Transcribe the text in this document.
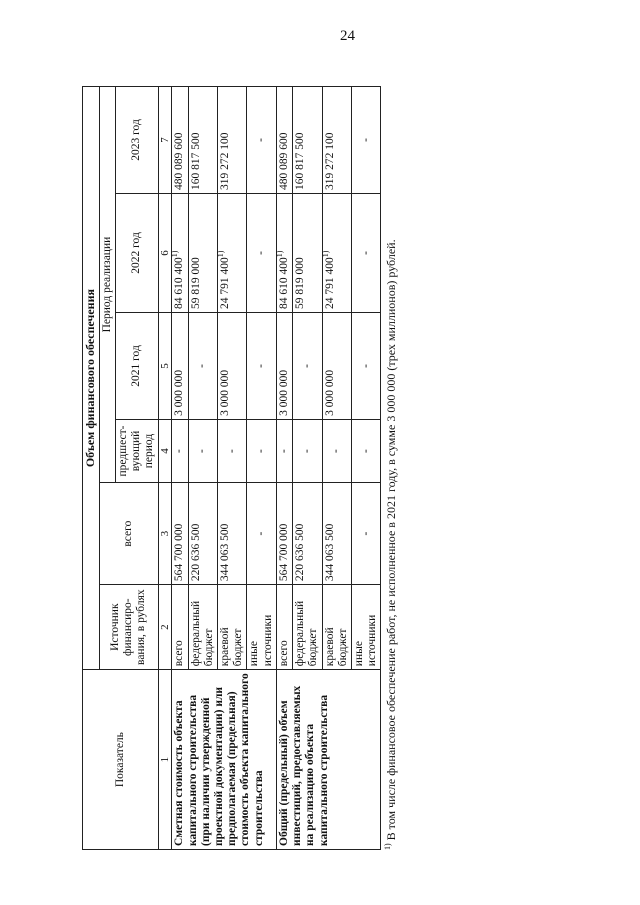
24
Показатель	Объем финансового обеспечения					
	Источник финансиро-вания, в рублях	всего	Период реализации			
			предшест-вующий период	2021 год	2022 год	2023 год
1	2	3	4	5	6	7
Сметная стоимость объекта капитального строительства (при наличии утвержденной проектной документации) или предполагаемая (предельная) стоимость объекта капитального строительства	всего	564 700 000	-	3 000 000	84 610 400$^{1)}$	480 089 600
	федеральный бюджет	220 636 500	-	-	59 819 000	160 817 500
	краевой бюджет	344 063 500	-	3 000 000	24 791 400$^{1)}$	319 272 100
	иные источники	-	-	-	-	-
Общий (предельный) объем инвестиций, предоставляемых на реализацию объекта капитального строительства	всего	564 700 000	-	3 000 000	84 610 400$^{1)}$	480 089 600
	федеральный бюджет	220 636 500	-	-	59 819 000	160 817 500
	краевой бюджет	344 063 500	-	3 000 000	24 791 400$^{1)}$	319 272 100
	иные источники	-	-	-	-	-
$^{1)}$ В том числе финансовое обеспечение работ, не исполненное в 2021 году, в сумме 3 000 000 (трех миллионов) рублей.
